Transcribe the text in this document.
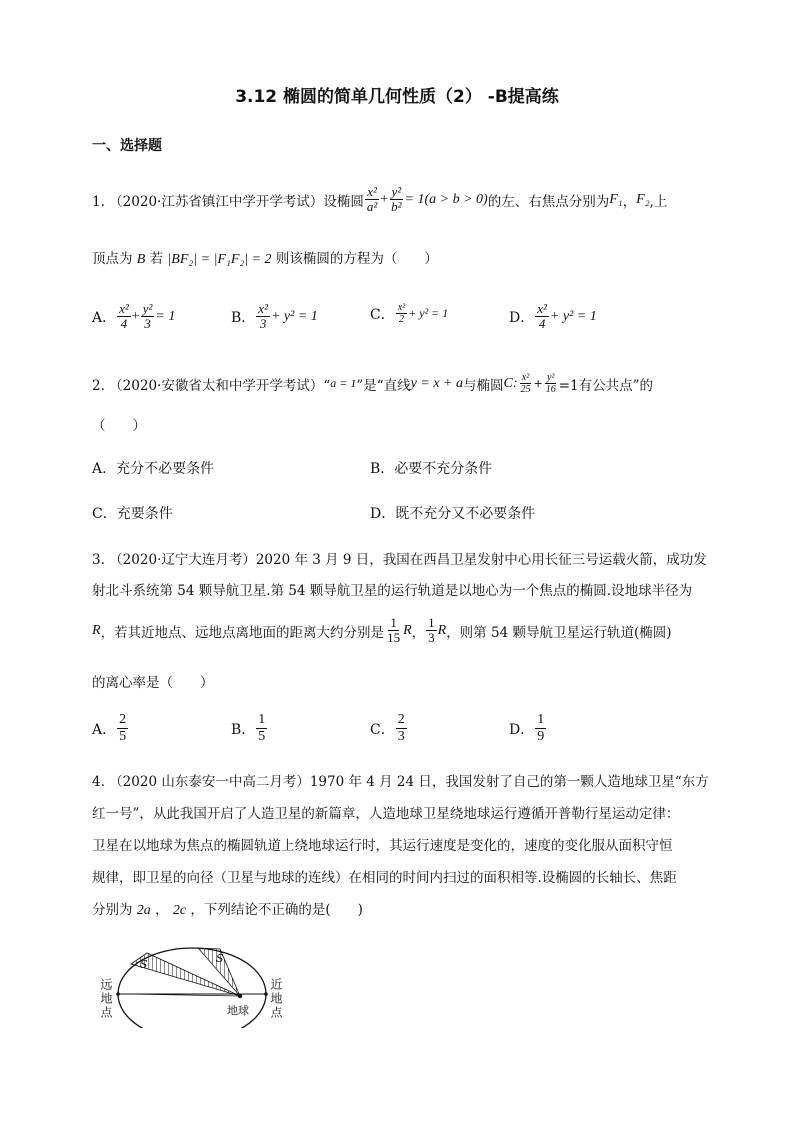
3.12 椭圆的简单几何性质（2） -B提高练
一、选择题
1. （2020·江苏省镇江中学开学考试）设椭圆 $\frac{\text{x²}}{\text{a²}} + \frac{\text{y²}}{\text{b²}} = 1(a > b > 0)$ 的左、右焦点分别为 F₁ ， F₂ ,上
顶点为 B 若 |BF₂| = |F₁F₂| = 2 则该椭圆的方程为（　　）
A． $\frac{\text{x²}}{4} + \frac{\text{y²}}{3} = 1$	B． $\frac{\text{x²}}{3} + y^2 = 1$	C． $\frac{\text{x²}}{2} + y^2 = 1$	D． $\frac{\text{x²}}{4} + y^2 = 1$
2. （2020·安徽省太和中学开学考试）“ a = 1 ”是“直线 y = x + a 与椭圆 C: $\frac{\text{x²}}{25} + \frac{\text{y²}}{16} =1$有公共点”的
（　　）
A．充分不必要条件	B．必要不充分条件
C．充要条件	D．既不充分又不必要条件
3. （2020·辽宁大连月考）2020 年 3 月 9 日，我国在西昌卫星发射中心用长征三号运载火箭，成功发
射北斗系统第 54 颗导航卫星.第 54 颗导航卫星的运行轨道是以地心为一个焦点的椭圆.设地球半径为
R ，若其近地点、远地点离地面的距离大约分别是 $\frac{1}{15}$ R ， $\frac{1}{3}$ R ，则第 54 颗导航卫星运行轨道(椭圆)
的离心率是（　　）
A． $\frac{2}{5}$	B． $\frac{1}{5}$	C． $\frac{2}{3}$	D． $\frac{1}{9}$
4. （2020 山东泰安一中高二月考）1970 年 4 月 24 日，我国发射了自己的第一颗人造地球卫星“东方
红一号”，从此我国开启了人造卫星的新篇章，人造地球卫星绕地球运行遵循开普勒行星运动定律：
卫星在以地球为焦点的椭圆轨道上绕地球运行时，其运行速度是变化的，速度的变化服从面积守恒
规律，即卫星的向径（卫星与地球的连线）在相同的时间内扫过的面积相等.设椭圆的长轴长、焦距
分别为 2a ， 2c ，下列结论不正确的是(　　)
S	S
地球
远地点	近地点
